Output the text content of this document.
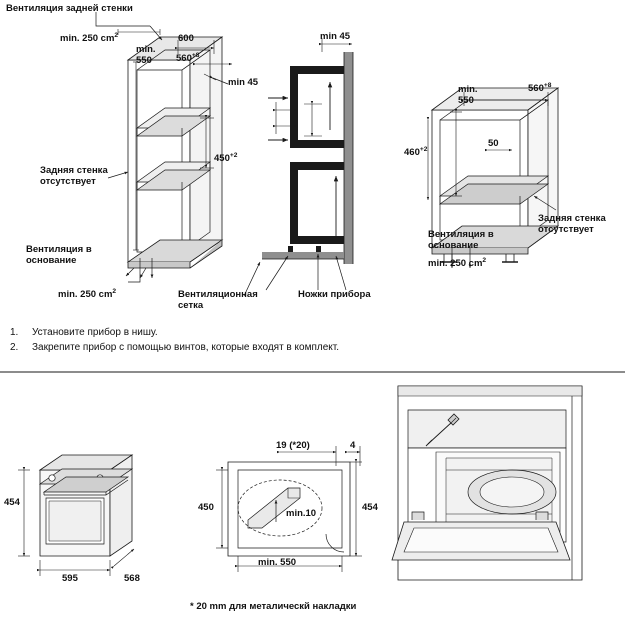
Вентиляция задней стенки
min. 250 $cm^2$	600
min.
550	$560^{+8}$
min 45
$450^{+2}$
Задняя стенка
отсутствует
Вентиляция в
основание
min. 250 $cm^2$
min 45
Вентиляционная
сетка
Ножки прибора
min.
550
$560^{+8}$
$460^{+2}$
50
Вентиляция в
основание
min. 250 $cm^2$
Задняя стенка
отсутствует
1.	Установите прибор в нишу.
2.	Закрепите прибор с помощью винтов, которые входят в комплект.
454
595	568
19 (*20)	4
450	454
min.10
min. 550
* 20 mm для металическй накладки
